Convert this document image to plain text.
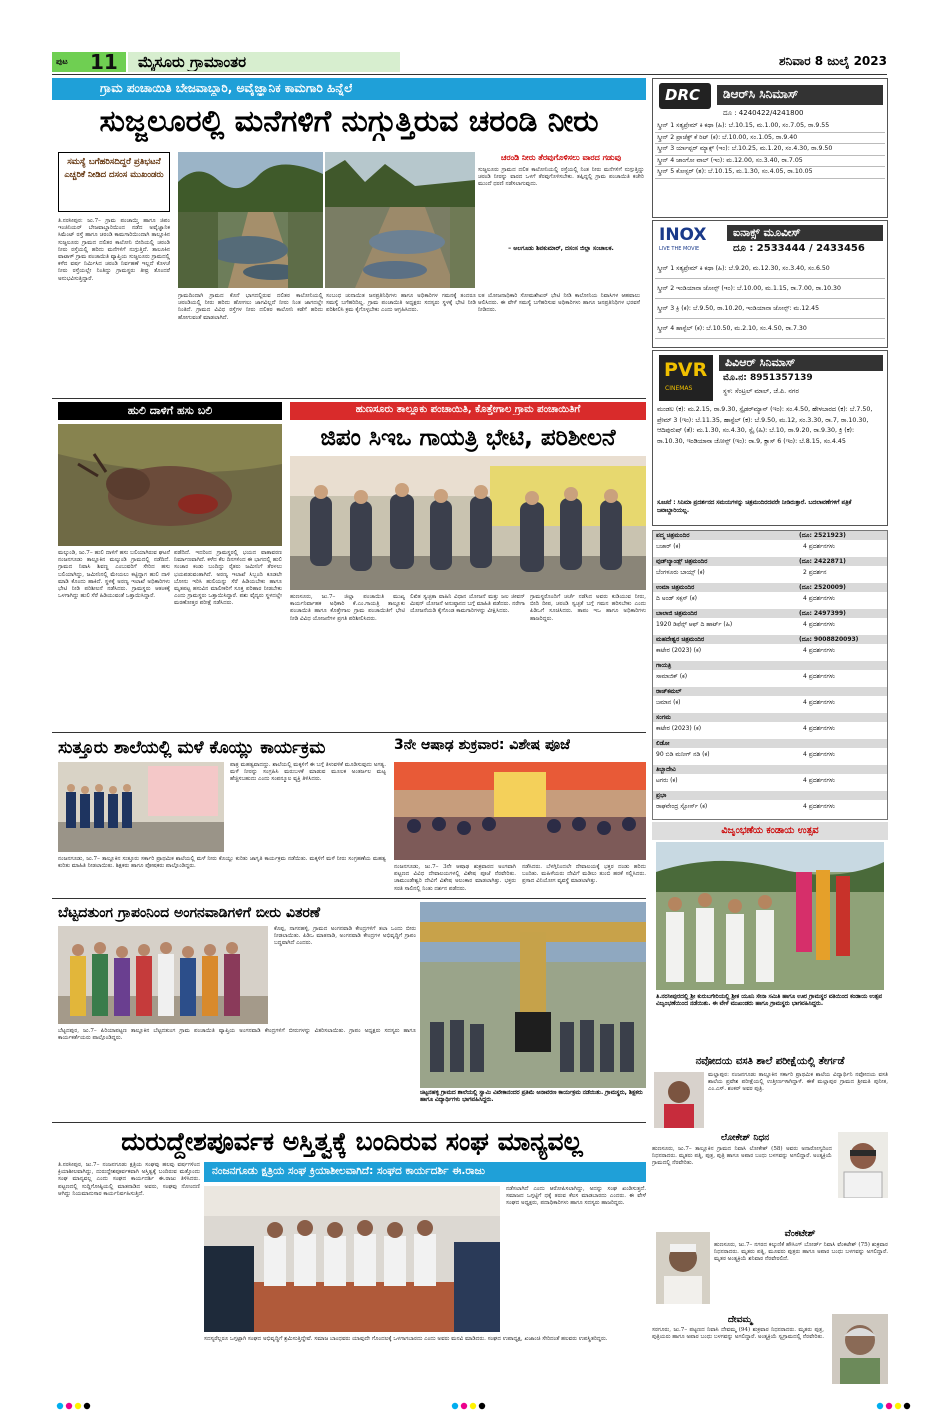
ಪುಟ 11 ಮೈಸೂರು ಗ್ರಾಮಾಂತರ	ಶನಿವಾರ 8 ಜುಲೈ 2023
ಗ್ರಾಮ ಪಂಚಾಯಿತಿ ಬೇಜವಾಬ್ದಾರಿ, ಅವೈಜ್ಞಾನಿಕ ಕಾಮಗಾರಿ ಹಿನ್ನೆಲೆ
ಸುಜ್ಜಲೂರಲ್ಲಿ ಮನೆಗಳಿಗೆ ನುಗ್ಗುತ್ತಿರುವ ಚರಂಡಿ ನೀರು
ಸಮಸ್ಯೆ ಬಗೆಹರಿಸದಿದ್ದರೆ ಪ್ರತಿಭಟನೆ ಎಚ್ಚರಿಕೆ ನೀಡಿದ ದಸಂಸ ಮುಖಂಡರು
ತಿ.ನರಸೀಪುರ: ಜು.7– ಗ್ರಾಮ ಪಂಚಾಯ್ತಿ ಹಾಗೂ ಜಿಪಂ ಇಂಜಿನಿಯರ್ ಬೇಜವಾಬ್ದಾರಿಯಿಂದ ನಡೆದ ಅವೈಜ್ಞಾನಿಕ ಸಿಮೆಂಟ್ ರಸ್ತೆ ಹಾಗೂ ಚರಂಡಿ ಕಾಮಗಾರಿಯಿಂದಾಗಿ ತಾಲ್ಲೂಕಿನ ಸುಜ್ಜಲೂರು ಗ್ರಾಮದ ದಲಿತರ ಕಾಲೋನಿ ಬೀದಿಯಲ್ಲಿ ಚರಂಡಿ ನೀರು ರಸ್ತೆಯಲ್ಲಿ ಹರಿದು ಮನೆಗಳಿಗೆ ನುಗ್ಗುತ್ತಿದೆ. ತಾಲೂಕಿನ ವಾಟಾಳ್ ಗ್ರಾಮ ಪಂಚಾಯಿತಿ ವ್ಯಾಪ್ತಿಯ ಸುಜ್ಜಲೂರು ಗ್ರಾಮದಲ್ಲಿ ಕಳೆದ ವರ್ಷ ನಿರ್ಮಿಸಿದ ಚರಂಡಿ ನಿರ್ವಹಣೆ ಇಲ್ಲದೆ ಕೊಳಚೆ ನೀರು ರಸ್ತೆಯಲ್ಲೇ ನಿಂತಿದ್ದು ಗ್ರಾಮಸ್ಥರು ತೀವ್ರ ತೊಂದರೆ ಅನುಭವಿಸುತ್ತಿದ್ದಾರೆ.
ಚರಂಡಿ ನೀರು ತೆರವುಗೊಳಿಸಲು ವಾರದ ಗಡುವು
ಸುಜ್ಜಲೂರು ಗ್ರಾಮದ ದಲಿತ ಕಾಲೋನಿಯಲ್ಲಿ ರಸ್ತೆಯಲ್ಲಿ ನಿಂತ ನೀರು ಮನೆಗಳಿಗೆ ನುಗ್ಗುತ್ತಿದ್ದು ಚರಂಡಿ ನೀರನ್ನು ವಾರದ ಒಳಗೆ ತೆರವುಗೊಳಿಸಬೇಕು. ತಪ್ಪಿದ್ದಲ್ಲಿ ಗ್ರಾಮ ಪಂಚಾಯಿತಿ ಕಚೇರಿ ಮುಂದೆ ಧರಣಿ ನಡೆಸಲಾಗುವುದು.
– ಅಲಗೂಡು ಶಿವಕುಮಾರ್, ದಸಂಸ ಜಿಲ್ಲಾ ಸಂಚಾಲಕ.
ಗ್ರಾಮದಿಂದಾಗಿ ಗ್ರಾಮದ ಕೊನೆ ಭಾಗದಲ್ಲಿರುವ ದಲಿತರ ಕಾಲೋನಿಯಲ್ಲಿ ಚರಂಡಿಯಲ್ಲಿ ನೀರು ಹರಿದು ಹೋಗಲು ಜಾಗವಿಲ್ಲದೆ ನೀರು ನಿಂತ ಜಾಗದಲ್ಲೇ ನಿಂತಿದೆ. ಗ್ರಾಮದ ವಿವಿಧ ರಸ್ತೆಗಳ ನೀರು ದಲಿತರ ಕಾಲೋನಿ ಕಡೆಗೆ ಹರಿದು ಹೋಗುವಂತೆ ಮಾಡಲಾಗಿದೆ.
ಸಂಬಂಧ ಚುನಾಯಿತ ಜನಪ್ರತಿನಿಧಿಗಳು ಹಾಗೂ ಅಧಿಕಾರಿಗಳ ಗಮನಕ್ಕೆ ತಂದರೂ ಸಮಸ್ಯೆ ಬಗೆಹರಿದಿಲ್ಲ. ಗ್ರಾಮ ಪಂಚಾಯಿತಿ ಅಧ್ಯಕ್ಷರು ಸದಸ್ಯರು ಸ್ಥಳಕ್ಕೆ ಭೇಟಿ ನೀಡಿ ಪರಿಶೀಲಿಸಿ ಕ್ರಮ ಕೈಗೊಳ್ಳಬೇಕು ಎಂದು ಆಗ್ರಹಿಸಿದರು.
ಲತ ಯೋಜನಾಧಿಕಾರಿ ಸೋಮಶೇಖರ್ ಭೇಟಿ ನೀಡಿ ಕಾಲೋನಿಯ ನಿವಾಸಿಗಳ ಆಹವಾಲು ಆಲಿಸಿದರು. ಈ ವೇಳೆ ಸಮಸ್ಯೆ ಬಗೆಹರಿಸುವ ಅಧಿಕಾರಿಗಳು ಹಾಗೂ ಜನಪ್ರತಿನಿಧಿಗಳ ಭರವಸೆ ನೀಡಿದರು.
ಹುಲಿ ದಾಳಿಗೆ ಹಸು ಬಲಿ
ಮಲ್ಕುಂಡಿ, ಜು.7– ಹುಲಿ ದಾಳಿಗೆ ಹಸು ಬಲಿಯಾಗಿರುವ ಘಟನೆ ನಂಜನಗೂಡು ತಾಲ್ಲೂಕಿನ ಮಲ್ಕುಂಡಿ ಗ್ರಾಮದಲ್ಲಿ ನಡೆದಿದೆ. ಗ್ರಾಮದ ನಿವಾಸಿ ಶಿವಣ್ಣ ಎಂಬುವರಿಗೆ ಸೇರಿದ ಹಸು ಬಲಿಯಾಗಿದ್ದು, ಜಮೀನಿನಲ್ಲಿ ಮೇಯಲು ಕಟ್ಟಿದ್ದಾಗ ಹುಲಿ ದಾಳಿ ಮಾಡಿ ಕೊಂದು ಹಾಕಿದೆ. ಸ್ಥಳಕ್ಕೆ ಅರಣ್ಯ ಇಲಾಖೆ ಅಧಿಕಾರಿಗಳು ಭೇಟಿ ನೀಡಿ ಪರಿಶೀಲನೆ ನಡೆಸಿದರು. ಗ್ರಾಮಸ್ಥರು ಆತಂಕಕ್ಕೆ ಒಳಗಾಗಿದ್ದು ಹುಲಿ ಸೆರೆ ಹಿಡಿಯುವಂತೆ ಒತ್ತಾಯಿಸಿದ್ದಾರೆ.
ಪಡೆದಿದೆ. ಇದರಿಂದ ಗ್ರಾಮಸ್ಥರಲ್ಲಿ ಭಯದ ವಾತಾವರಣ ನಿರ್ಮಾಣವಾಗಿದೆ. ಕಳೆದ ಕೆಲ ದಿನಗಳಿಂದ ಈ ಭಾಗದಲ್ಲಿ ಹುಲಿ ಸಂಚಾರ ಕಂಡು ಬಂದಿದ್ದು ರೈತರು ಜಮೀನಿಗೆ ತೆರಳಲು ಭಯಪಡುವಂತಾಗಿದೆ. ಅರಣ್ಯ ಇಲಾಖೆ ಸಿಬ್ಬಂದಿ ಕೂಡಲೇ ಬೋನು ಇರಿಸಿ ಹುಲಿಯನ್ನು ಸೆರೆ ಹಿಡಿಯಬೇಕು ಹಾಗೂ ಮೃತಪಟ್ಟ ಹಸುವಿನ ಮಾಲೀಕರಿಗೆ ಸೂಕ್ತ ಪರಿಹಾರ ನೀಡಬೇಕು ಎಂದು ಗ್ರಾಮಸ್ಥರು ಒತ್ತಾಯಿಸಿದ್ದಾರೆ. ಪಶು ವೈದ್ಯರು ಸ್ಥಳದಲ್ಲೇ ಮರಣೋತ್ತರ ಪರೀಕ್ಷೆ ನಡೆಸಿದರು.
ಹುಣಸೂರು ತಾಲ್ಲೂಕು ಪಂಚಾಯಿತಿ, ಕೊತ್ತೇಗಾಲ ಗ್ರಾಮ ಪಂಚಾಯಿತಿಗೆ
ಜಿಪಂ ಸಿಇಒ ಗಾಯತ್ರಿ ಭೇಟಿ, ಪರಿಶೀಲನೆ
ಹುಣಸೂರು, ಜು.7– ಜಿಲ್ಲಾ ಪಂಚಾಯಿತಿ ಮುಖ್ಯ ಕಾರ್ಯನಿರ್ವಾಹಕ ಅಧಿಕಾರಿ ಕೆ.ಎಂ.ಗಾಯತ್ರಿ ತಾಲ್ಲೂಕು ಪಂಚಾಯಿತಿ ಹಾಗೂ ಕೊತ್ತೇಗಾಲ ಗ್ರಾಮ ಪಂಚಾಯಿತಿಗೆ ಭೇಟಿ ನೀಡಿ ವಿವಿಧ ಯೋಜನೆಗಳ ಪ್ರಗತಿ ಪರಿಶೀಲಿಸಿದರು.
ಲಿಖಿತ ಸ್ವಚ್ಛತಾ ವಾಹಿನಿ ವಿಧಾನ ಯೋಜನೆ ಮತ್ತು ಜಲ ಜೀವನ್ ಮಿಷನ್ ಯೋಜನೆ ಅನುಷ್ಠಾನದ ಬಗ್ಗೆ ಮಾಹಿತಿ ಪಡೆದರು. ನರೇಗಾ ಯೋಜನೆಯಡಿ ಕೈಗೊಂಡ ಕಾಮಗಾರಿಗಳನ್ನು ವೀಕ್ಷಿಸಿದರು.
ಗ್ರಾಮಸ್ಥರೊಂದಿಗೆ ಚರ್ಚೆ ನಡೆಸಿದ ಅವರು ಕುಡಿಯುವ ನೀರು, ಬೀದಿ ದೀಪ, ಚರಂಡಿ ಸ್ವಚ್ಛತೆ ಬಗ್ಗೆ ಗಮನ ಹರಿಸಬೇಕು ಎಂದು ಪಿಡಿಒಗೆ ಸೂಚಿಸಿದರು. ತಾಪಂ ಇಒ ಹಾಗೂ ಅಧಿಕಾರಿಗಳು ಹಾಜರಿದ್ದರು.
DRC ಡಿಆರ್‌ಸಿ ಸಿನಿಮಾಸ್
ದೂ : 4240422/4241800
ಸ್ಕ್ರೀನ್ 1 ಸತ್ಯಪ್ರೇಮ್ ಕಿ ಕಥಾ (ಹಿ): ಬೆ.10.15, ಮ.1.00, ಸಂ.7.05, ರಾ.9.55
ಸ್ಕ್ರೀನ್ 2 ಪ್ರಾಜೆಕ್ಟ್ ಕೆ ರಿಟ್ (ಕ): ಬೆ.10.00, ಸಂ.1.05, ರಾ.9.40
ಸ್ಕ್ರೀನ್ 3 ರ್ಯಾಪ್ಟರ್ ಮ್ಯಾಕ್ಸ್ (ಇಂ): ಬೆ.10.25, ಮ.1.20, ಸಂ.4.30, ರಾ.9.50
ಸ್ಕ್ರೀನ್ 4 ಜಾಂಗೋ ವಾಲ್ (ಇಂ): ಮ.12.00, ಸಂ.3.40, ರಾ.7.05
ಸ್ಕ್ರೀನ್ 5 ಕೋಸ್ಟರ್ (ತ): ಬೆ.10.15, ಮ.1.30, ಸಂ.4.05, ರಾ.10.05
INOX
LIVE THE MOVIE
ಐನಾಕ್ಸ್ ಮೂವೀಸ್
ದೂ : 2533444 / 2433456
ಸ್ಕ್ರೀನ್ 1 ಸತ್ಯಪ್ರೇಮ್ ಕಿ ಕಥಾ (ಹಿ): ಬೆ.9.20, ಮ.12.30, ಸಂ.3.40, ಸಂ.6.50
ಸ್ಕ್ರೀನ್ 2 ಇಂಡಿಯಾನಾ ಜೋನ್ಸ್ (ಇಂ): ಬೆ.10.00, ಮ.1.15, ರಾ.7.00, ರಾ.10.30
ಸ್ಕ್ರೀನ್ 3 ಕ್ರಿ (ಕ): ಬೆ.9.50, ರಾ.10.20, ಇಂಡಿಯಾನಾ ಜೋನ್ಸ್: ಮ.12.45
ಸ್ಕ್ರೀನ್ 4 ಹಾಸ್ಟೆಲ್ (ಕ): ಬೆ.10.50, ಮ.2.10, ಸಂ.4.50, ರಾ.7.30
PVR
CINEMAS
ಪಿವಿಆರ್ ಸಿನಿಮಾಸ್
ಮೊ.ನ: 8951357139
ಸ್ಥಳ: ಸೆಂಟ್ರಲ್ ಮಾಲ್, ಜೆ.ಪಿ. ನಗರ
ಮಂಡಲ (ಕ): ಮ.2.15, ರಾ.9.30, ಸ್ಪೈಡರ್‌ಮ್ಯಾನ್ (ಇಂ): ಸಂ.4.50, ಹೇಳಬಾರದ (ಕ): ಬೆ.7.50, ಪ್ರೇಮ್ 3 (ಇಂ): ಬೆ.11.35, ಹಾಸ್ಟೆಲ್ (ಕ): ಬೆ.9.50, ಮ.12, ಸಂ.3.30, ರಾ.7, ರಾ.10.30, ಆದಿಪುರುಷ್ (ತೆ): ಮ.1.30, ಸಂ.4.30, ಸ್ಪೈ (ಹಿ): ಬೆ.10, ರಾ.9.20, ರಾ.9.30, ಕ್ರಿ (ಕ): ರಾ.10.30, ಇಂಡಿಯಾನಾ ಜೋನ್ಸ್ (ಇಂ): ರಾ.9, ಕ್ಲಾಸ್ 6 (ಇಂ): ಬೆ.8.15, ಸಂ.4.45
ಸೂಚನೆ : ಸಿನಿಮಾ ಪ್ರದರ್ಶನದ ಸಮಯಗಳನ್ನು ಚಿತ್ರಮಂದಿರದವರೇ ನೀಡಿರುತ್ತಾರೆ. ಬದಲಾವಣೆಗಳಿಗೆ ಪತ್ರಿಕೆ ಜವಾಬ್ದಾರಿಯಲ್ಲ.
ಪದ್ಮ ಚಿತ್ರಮಂದಿರ	(ದೂ: 2521923)
ಬಜಾರ್ (ಕ)	4 ಪ್ರದರ್ಶನಗಳು
ವುಡ್‌ಲ್ಯಾಂಡ್ಸ್ ಚಿತ್ರಮಂದಿರ	(ದೂ: 2422871)
ಬೆಂಗಳೂರು ಬಾಯ್ಸ್ (ಕ)	2 ಪ್ರದರ್ಶನ
ಉಮಾ ಚಿತ್ರಮಂದಿರ	(ದೂ: 2520009)
ದಿ ಅಂಡ್ ಸಕ್ಸಸ್ (ಕ)	4 ಪ್ರದರ್ಶನಗಳು
ಬಾಲಾಜಿ ಚಿತ್ರಮಂದಿರ	(ದೂ: 2497399)
1920 ಡಿಫೆನ್ಸ್ ಆಫ್ ದಿ ಹಾರ್ಟ್ (ಹಿ)	4 ಪ್ರದರ್ಶನಗಳು
ಮಹದೇಶ್ವರ ಚಿತ್ರಮಂದಿರ	(ದೂ: 9008820093)
ಕಾಟೇರ (2023) (ಕ)	4 ಪ್ರದರ್ಶನಗಳು
ಗಾಯತ್ರಿ
ಸಾಮಾಜಿಕ್ (ಕ)	4 ಪ್ರದರ್ಶನಗಳು
ರಾಜ್‌ಕಮಲ್
ಜಮಾನ (ಕ)	4 ಪ್ರದರ್ಶನಗಳು
ಸಂಗಮ
ಕಾಟೇರ (2023) (ಕ)	4 ಪ್ರದರ್ಶನಗಳು
ಲಿಡೋ
90 ಬಿಡಿ ಮನೀಗ್ ನಡಿ (ಕ)	4 ಪ್ರದರ್ಶನಗಳು
ತಿಬ್ಬಾದೇವಿ
ಟಗರು (ಕ)	4 ಪ್ರದರ್ಶನಗಳು
ಪ್ರಭಾ
ರಾಘವೇಂದ್ರ ಸ್ಟೋರ್ಸ್ (ಕ)	4 ಪ್ರದರ್ಶನಗಳು
ವಿಜೃಂಭಣೆಯ ಕಂಡಾಯ ಉತ್ಸವ
ತಿ.ನರಸೀಪುರದಲ್ಲಿ ಶ್ರೀ ಕುರುಬಗೇರಿಯಲ್ಲಿ ಶ್ರೀಕ ಯೂನಿ ಸೇನಾ ಸಮಿತಿ ಹಾಗೂ ಊರ ಗ್ರಾಮಸ್ಥರ ವತಿಯಿಂದ ಕಂಡಾಯ ಉತ್ಸವ ವಿಜೃಂಭಣೆಯಿಂದ ನಡೆಯಿತು. ಈ ವೇಳೆ ಮುಖಂಡರು ಹಾಗೂ ಗ್ರಾಮಸ್ಥರು ಭಾಗವಹಿಸಿದ್ದರು.
ಸುತ್ತೂರು ಶಾಲೆಯಲ್ಲಿ ಮಳೆ ಕೊಯ್ಲು ಕಾರ್ಯಕ್ರಮ
ಪಾತ್ರ ಮಹತ್ವವಾದದ್ದು. ಶಾಲೆಯಲ್ಲಿ ಮಕ್ಕಳಿಗೆ ಈ ಬಗ್ಗೆ ತಿಳುವಳಿಕೆ ಮೂಡಿಸುವುದು ಅಗತ್ಯ. ಮಳೆ ನೀರನ್ನು ಸಂಗ್ರಹಿಸಿ ಮರುಬಳಕೆ ಮಾಡುವ ಮೂಲಕ ಅಂತರ್ಜಲ ಮಟ್ಟ ಹೆಚ್ಚಿಸಬಹುದು ಎಂದು ಸಂಪನ್ಮೂಲ ವ್ಯಕ್ತಿ ತಿಳಿಸಿದರು.
ನಂಜನಗೂಡು, ಜು.7– ತಾಲ್ಲೂಕಿನ ಸುತ್ತೂರು ಸರ್ಕಾರಿ ಪ್ರಾಥಮಿಕ ಶಾಲೆಯಲ್ಲಿ ಮಳೆ ನೀರು ಕೊಯ್ಲು ಕುರಿತು ಜಾಗೃತಿ ಕಾರ್ಯಕ್ರಮ ನಡೆಯಿತು. ಮಕ್ಕಳಿಗೆ ಮಳೆ ನೀರು ಸಂಗ್ರಹಣೆಯ ಮಹತ್ವ ಕುರಿತು ಮಾಹಿತಿ ನೀಡಲಾಯಿತು. ಶಿಕ್ಷಕರು ಹಾಗೂ ಪೋಷಕರು ಪಾಲ್ಗೊಂಡಿದ್ದರು.
3ನೇ ಆಷಾಢ ಶುಕ್ರವಾರ: ವಿಶೇಷ ಪೂಜೆ
ನಂಜನಗೂಡು, ಜು.7– 3ನೇ ಆಷಾಢ ಶುಕ್ರವಾರದ ಅಂಗವಾಗಿ ಪಟ್ಟಣದ ವಿವಿಧ ದೇವಾಲಯಗಳಲ್ಲಿ ವಿಶೇಷ ಪೂಜೆ ನೆರವೇರಿತು. ಚಾಮುಂಡೇಶ್ವರಿ ದೇವಿಗೆ ವಿಶೇಷ ಅಲಂಕಾರ ಮಾಡಲಾಗಿತ್ತು. ಭಕ್ತರು ಸರತಿ ಸಾಲಿನಲ್ಲಿ ನಿಂತು ದರ್ಶನ ಪಡೆದರು.
ನಡೆಸಿದರು. ಬೆಳಗ್ಗಿನಿಂದಲೇ ದೇವಾಲಯಕ್ಕೆ ಭಕ್ತರ ದಂಡು ಹರಿದು ಬಂದಿತು. ಮಹಿಳೆಯರು ದೇವಿಗೆ ಮಡಿಲು ತುಂಬಿ ಹರಕೆ ಸಲ್ಲಿಸಿದರು. ಪ್ರಸಾದ ವಿನಿಯೋಗ ವ್ಯವಸ್ಥೆ ಮಾಡಲಾಗಿತ್ತು.
ಬೆಟ್ಟದತುಂಗ ಗ್ರಾಪಂನಿಂದ ಅಂಗನವಾಡಿಗಳಿಗೆ ಬೀರು ವಿತರಣೆ
ಕೊಪ್ಪ, ನಾಗನಹಳ್ಳಿ, ಗ್ರಾಮದ ಅಂಗನವಾಡಿ ಕೇಂದ್ರಗಳಿಗೆ ತಲಾ ಒಂದು ಬೀರು ನೀಡಲಾಯಿತು. ಪಿಡಿಒ ಮಾತನಾಡಿ, ಅಂಗನವಾಡಿ ಕೇಂದ್ರಗಳ ಅಭಿವೃದ್ಧಿಗೆ ಗ್ರಾಪಂ ಬದ್ಧವಾಗಿದೆ ಎಂದರು.
ಬೆಟ್ಟದಪುರ, ಜು.7– ಪಿರಿಯಾಪಟ್ಟಣ ತಾಲ್ಲೂಕಿನ ಬೆಟ್ಟದತುಂಗ ಗ್ರಾಮ ಪಂಚಾಯಿತಿ ವ್ಯಾಪ್ತಿಯ ಅಂಗನವಾಡಿ ಕೇಂದ್ರಗಳಿಗೆ ಬೀರುಗಳನ್ನು ವಿತರಿಸಲಾಯಿತು. ಗ್ರಾಪಂ ಅಧ್ಯಕ್ಷರು ಸದಸ್ಯರು ಹಾಗೂ ಕಾರ್ಯಕರ್ತೆಯರು ಪಾಲ್ಗೊಂಡಿದ್ದರು.
ಚಿಟ್ಟನಹಳ್ಳಿ ಗ್ರಾಮದ ಶಾಲೆಯಲ್ಲಿ ಸ್ವಾಮಿ ವಿವೇಕಾನಂದರ ಪ್ರತಿಮೆ ಅನಾವರಣ ಕಾರ್ಯಕ್ರಮ ನಡೆಯಿತು. ಗ್ರಾಮಸ್ಥರು, ಶಿಕ್ಷಕರು ಹಾಗೂ ವಿದ್ಯಾರ್ಥಿಗಳು ಭಾಗವಹಿಸಿದ್ದರು.
ನವೋದಯ ವಸತಿ ಶಾಲೆ ಪರೀಕ್ಷೆಯಲ್ಲಿ ತೇರ್ಗಡೆ
ಮಲ್ಲಾಪುರ: ನಂಜನಗೂಡು ತಾಲ್ಲೂಕಿನ ಸರ್ಕಾರಿ ಪ್ರಾಥಮಿಕ ಶಾಲೆಯ ವಿದ್ಯಾರ್ಥಿನಿ ನವೋದಯ ವಸತಿ ಶಾಲೆಯ ಪ್ರವೇಶ ಪರೀಕ್ಷೆಯಲ್ಲಿ ಉತ್ತೀರ್ಣಳಾಗಿದ್ದಾಳೆ. ಈಕೆ ಮಲ್ಲಾಪುರ ಗ್ರಾಮದ ಶ್ರೀಮತಿ ಪುನೀತ, ಎಂ.ಎಸ್. ಶಂಕರ್ ಅವರ ಪುತ್ರಿ.
ಲೋಕೇಶ್ ನಿಧನ
ಹುಣಸೂರು, ಜು.7– ತಾಲ್ಲೂಕಿನ ಗ್ರಾಮದ ನಿವಾಸಿ ಲೋಕೇಶ್ (58) ಅವರು ಅನಾರೋಗ್ಯದಿಂದ ನಿಧನರಾದರು. ಮೃತರು ಪತ್ನಿ, ಪುತ್ರ, ಪುತ್ರಿ ಹಾಗೂ ಅಪಾರ ಬಂಧು ಬಳಗವನ್ನು ಅಗಲಿದ್ದಾರೆ. ಅಂತ್ಯಕ್ರಿಯೆ ಗ್ರಾಮದಲ್ಲಿ ನೆರವೇರಿತು.
ವೆಂಕಟೇಶ್
ಹುಣಸೂರು, ಜು.7– ನಗರದ ಕಲ್ಕುಣಿಕೆ ಹೌಸಿಂಗ್ ಬೋರ್ಡ್ ನಿವಾಸಿ ವೆಂಕಟೇಶ್ (75) ಶುಕ್ರವಾರ ನಿಧನರಾದರು. ಮೃತರು ಪತ್ನಿ, ಮೂವರು ಪುತ್ರರು ಹಾಗೂ ಅಪಾರ ಬಂಧು ಬಳಗವನ್ನು ಅಗಲಿದ್ದಾರೆ. ಮೃತರ ಅಂತ್ಯಕ್ರಿಯೆ ಶನಿವಾರ ನೆರವೇರಲಿದೆ.
ದೇವಮ್ಮ
ಸರಗೂರು, ಜು.7– ಪಟ್ಟಣದ ನಿವಾಸಿ ದೇವಮ್ಮ (94) ಶುಕ್ರವಾರ ನಿಧನರಾದರು. ಮೃತರು ಪುತ್ರ, ಪುತ್ರಿಯರು ಹಾಗೂ ಅಪಾರ ಬಂಧು ಬಳಗವನ್ನು ಅಗಲಿದ್ದಾರೆ. ಅಂತ್ಯಕ್ರಿಯೆ ಸ್ವಗ್ರಾಮದಲ್ಲಿ ನೆರವೇರಿತು.
ದುರುದ್ದೇಶಪೂರ್ವಕ ಅಸ್ತಿತ್ವಕ್ಕೆ ಬಂದಿರುವ ಸಂಘ ಮಾನ್ಯವಲ್ಲ
ತಿ.ನರಸೀಪುರ, ಜು.7– ನಂಜನಗೂಡು ಕ್ಷತ್ರಿಯ ಸಂಘವು ಹಲವು ವರ್ಷಗಳಿಂದ ಕ್ರಿಯಾಶೀಲವಾಗಿದ್ದು, ದುರುದ್ದೇಶಪೂರ್ವಕವಾಗಿ ಅಸ್ತಿತ್ವಕ್ಕೆ ಬಂದಿರುವ ಮತ್ತೊಂದು ಸಂಘ ಮಾನ್ಯವಲ್ಲ ಎಂದು ಸಂಘದ ಕಾರ್ಯದರ್ಶಿ ಈ.ರಾಜು ತಿಳಿಸಿದರು. ಪಟ್ಟಣದಲ್ಲಿ ಸುದ್ದಿಗೋಷ್ಠಿಯಲ್ಲಿ ಮಾತನಾಡಿದ ಅವರು, ಸಂಘವು ನೋಂದಣಿ ಆಗಿದ್ದು ನಿಯಮಾನುಸಾರ ಕಾರ್ಯನಿರ್ವಹಿಸುತ್ತಿದೆ.
ನಂಜನಗೂಡು ಕ್ಷತ್ರಿಯ ಸಂಘ ಕ್ರಿಯಾಶೀಲವಾಗಿದೆ: ಸಂಘದ ಕಾರ್ಯದರ್ಶಿ ಈ.ರಾಜು
ನಡೆಸಲಾಗಿದೆ ಎಂದು ಆರೋಪಿಸಲಾಗಿದ್ದು, ಅದನ್ನು ಸಂಘ ಖಂಡಿಸುತ್ತದೆ. ಸಮಾಜದ ಒಗ್ಗಟ್ಟಿಗೆ ಧಕ್ಕೆ ತರುವ ಕೆಲಸ ಮಾಡಬಾರದು ಎಂದರು. ಈ ವೇಳೆ ಸಂಘದ ಅಧ್ಯಕ್ಷರು, ಪದಾಧಿಕಾರಿಗಳು ಹಾಗೂ ಸದಸ್ಯರು ಹಾಜರಿದ್ದರು.
ಸದಸ್ಯರೆಲ್ಲರೂ ಒಗ್ಗಟ್ಟಾಗಿ ಸಂಘದ ಅಭಿವೃದ್ಧಿಗೆ ಶ್ರಮಿಸುತ್ತಿದ್ದೇವೆ. ಸಮಾಜ ಬಾಂಧವರು ಯಾವುದೇ ಗೊಂದಲಕ್ಕೆ ಒಳಗಾಗಬಾರದು ಎಂದು ಅವರು ಮನವಿ ಮಾಡಿದರು. ಸಂಘದ ಉಪಾಧ್ಯಕ್ಷ, ಖಜಾಂಚಿ ಸೇರಿದಂತೆ ಹಲವರು ಉಪಸ್ಥಿತರಿದ್ದರು.
